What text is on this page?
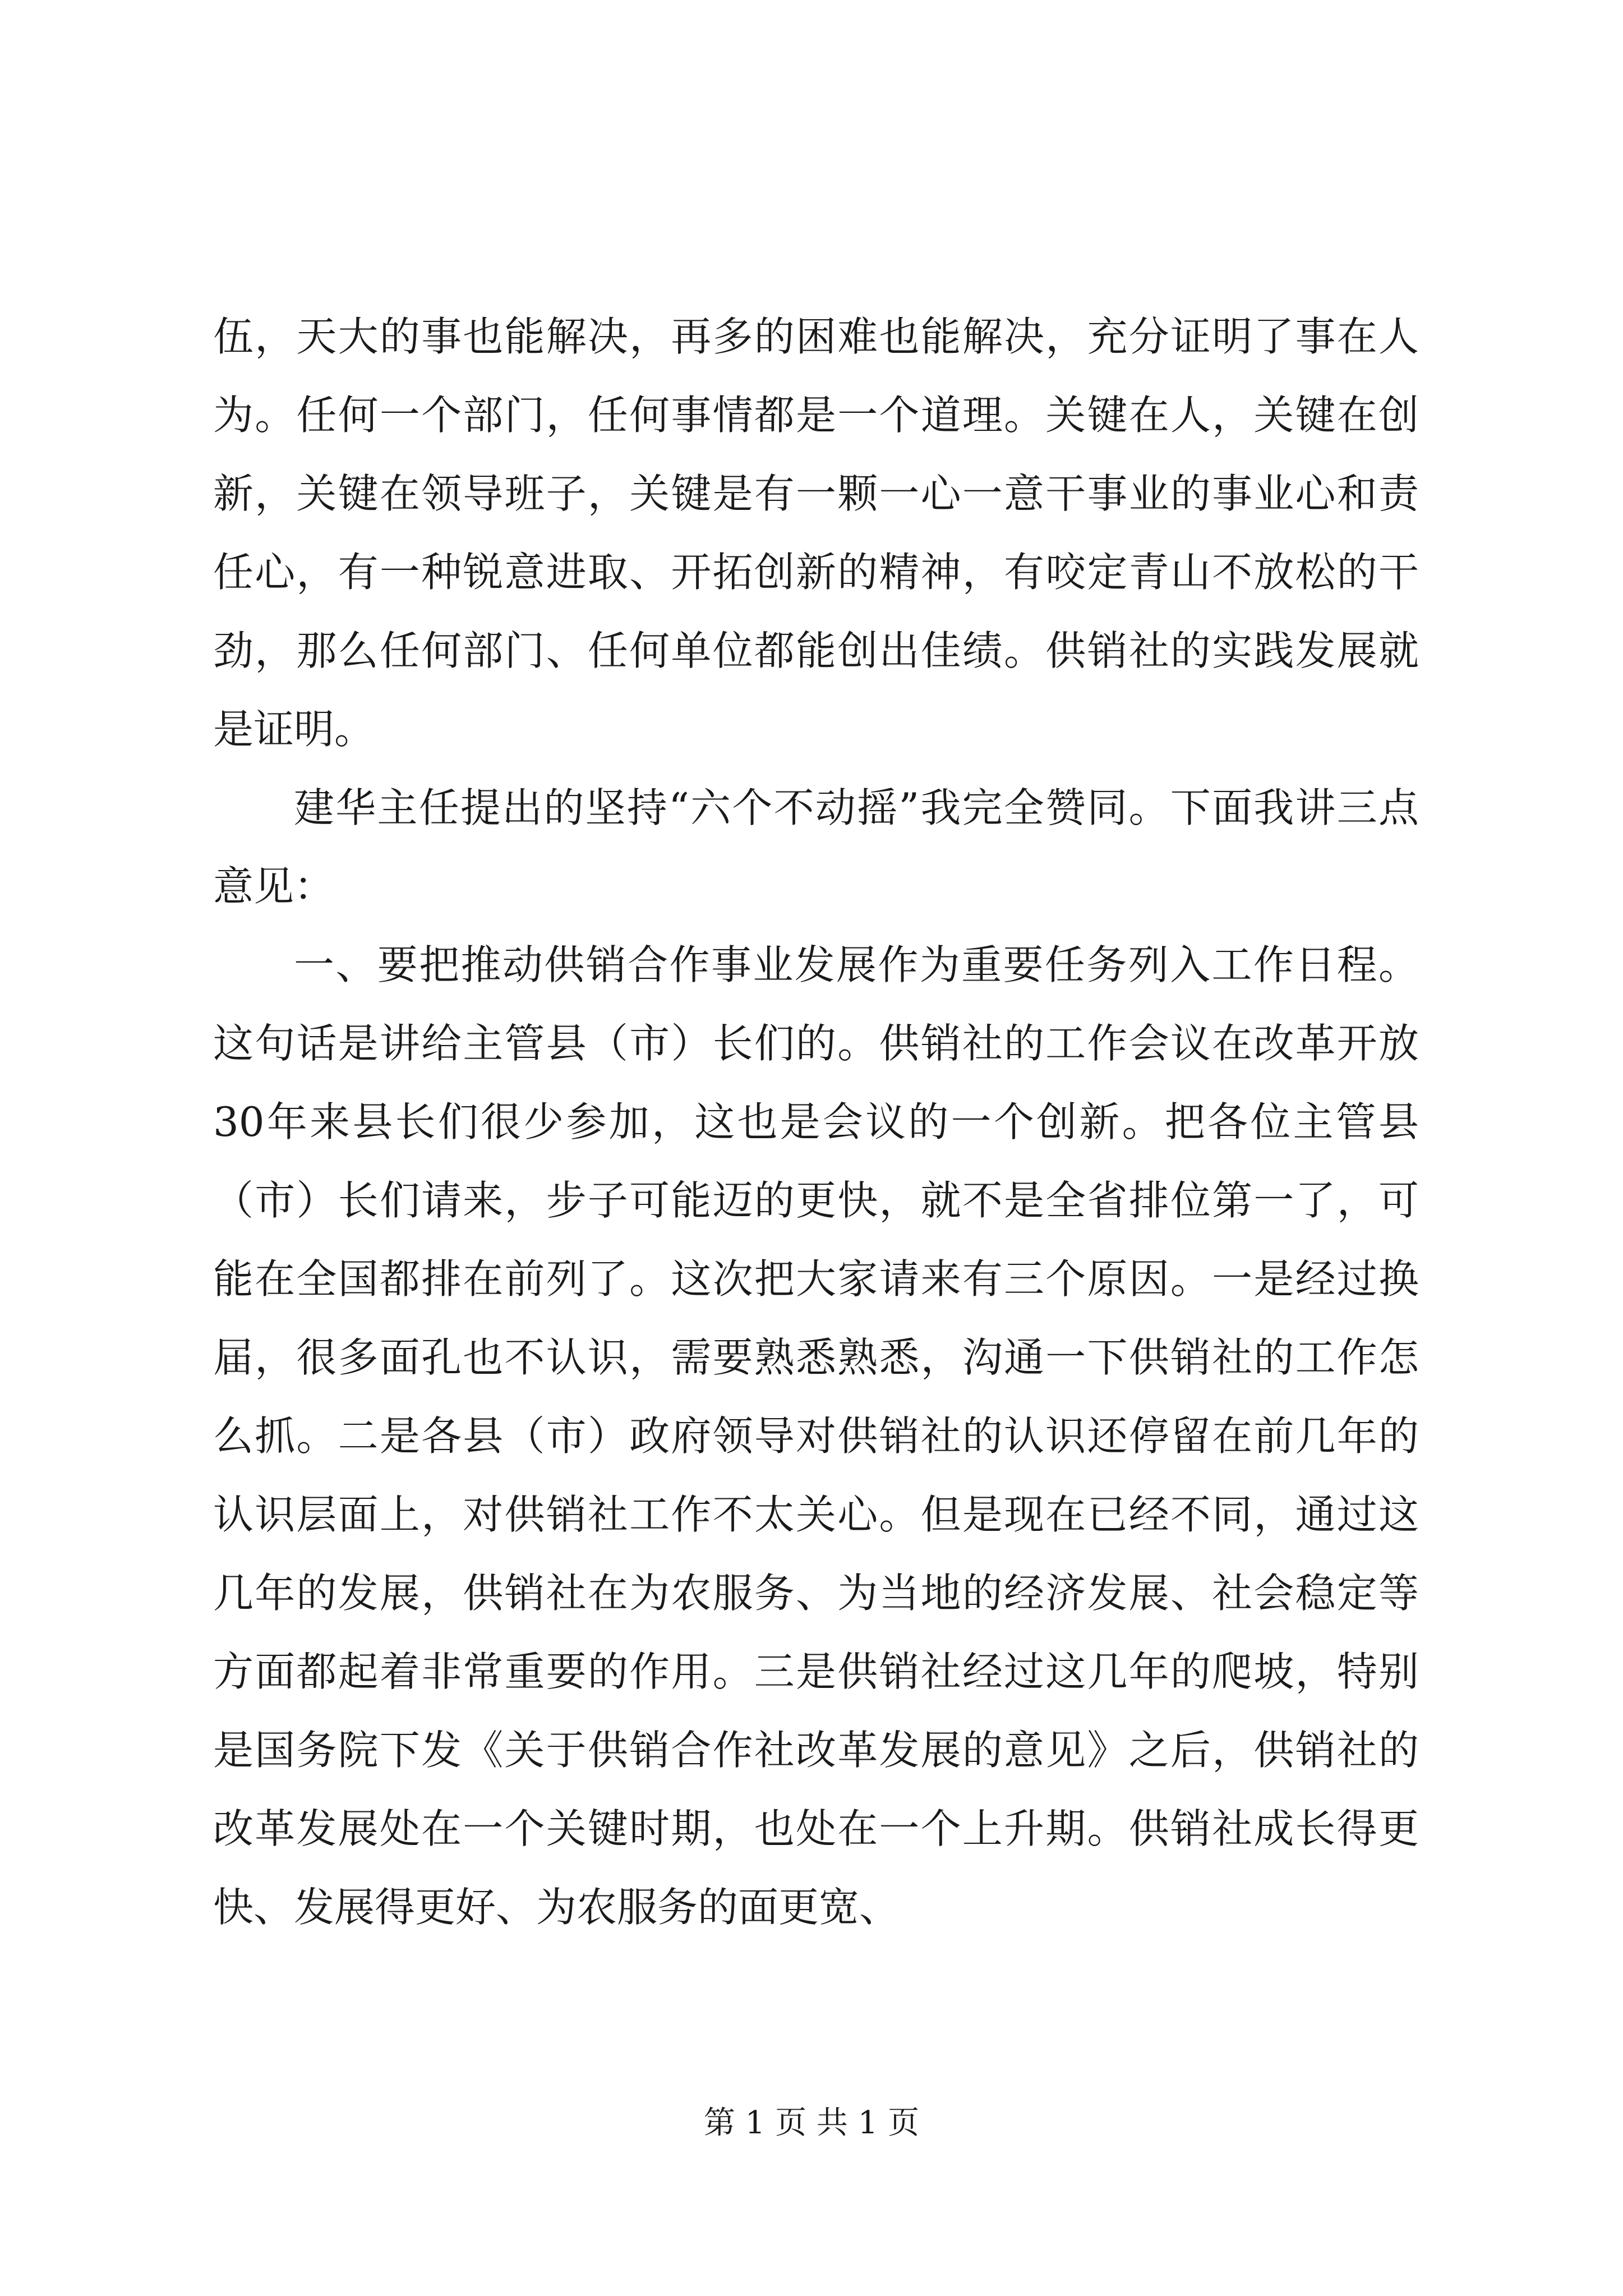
伍，天大的事也能解决，再多的困难也能解决，充分证明了事在人为。任何一个部门，任何事情都是一个道理。关键在人，关键在创新，关键在领导班子，关键是有一颗一心一意干事业的事业心和责任心，有一种锐意进取、开拓创新的精神，有咬定青山不放松的干劲，那么任何部门、任何单位都能创出佳绩。供销社的实践发展就是证明。

建华主任提出的坚持“六个不动摇”我完全赞同。下面我讲三点意见：

一、要把推动供销合作事业发展作为重要任务列入工作日程。这句话是讲给主管县（市）长们的。供销社的工作会议在改革开放30年来县长们很少参加，这也是会议的一个创新。把各位主管县（市）长们请来，步子可能迈的更快，就不是全省排位第一了，可能在全国都排在前列了。这次把大家请来有三个原因。一是经过换届，很多面孔也不认识，需要熟悉熟悉，沟通一下供销社的工作怎么抓。二是各县（市）政府领导对供销社的认识还停留在前几年的认识层面上，对供销社工作不太关心。但是现在已经不同，通过这几年的发展，供销社在为农服务、为当地的经济发展、社会稳定等方面都起着非常重要的作用。三是供销社经过这几年的爬坡，特别是国务院下发《关于供销合作社改革发展的意见》之后，供销社的改革发展处在一个关键时期，也处在一个上升期。供销社成长得更快、发展得更好、为农服务的面更宽、

第 1 页 共 1 页
